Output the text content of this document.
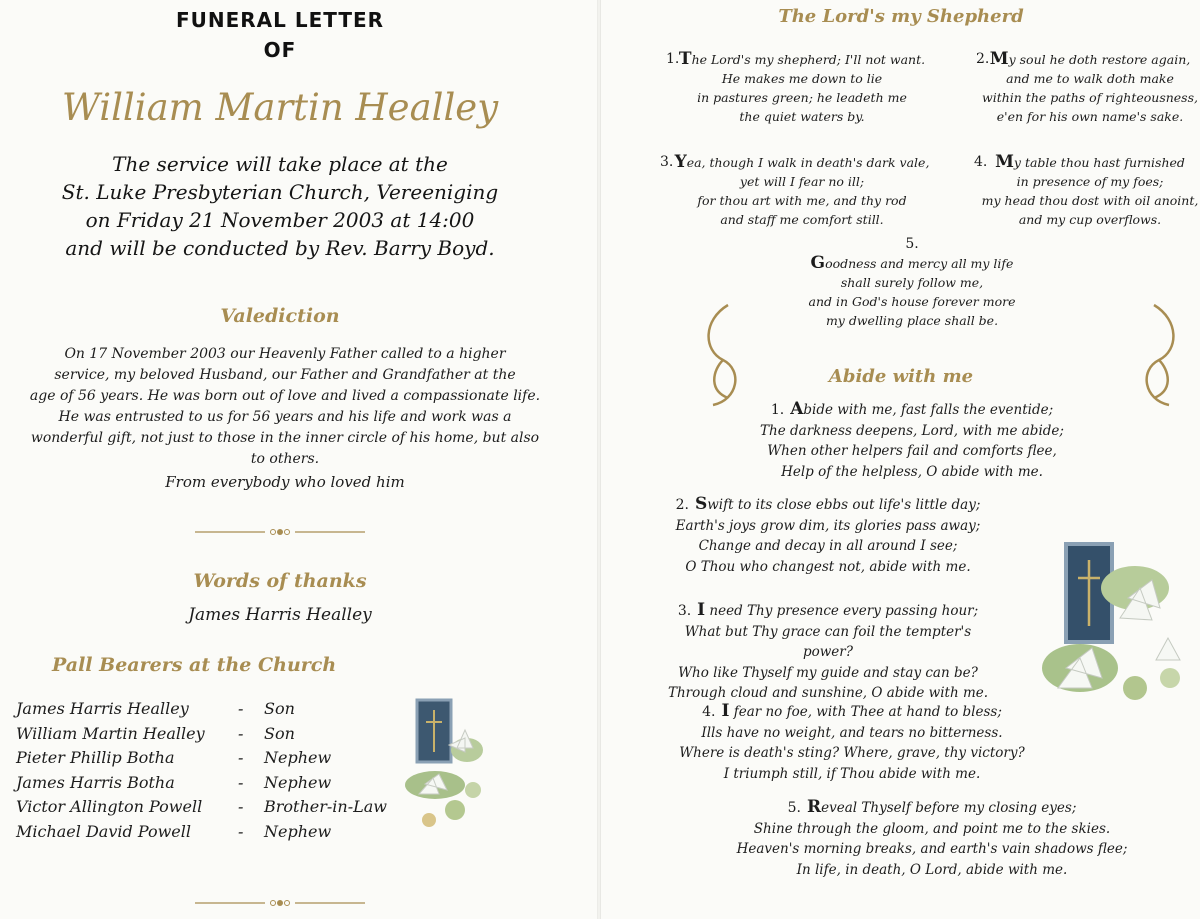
FUNERAL LETTER
OF
William Martin Healley
The service will take place at the
St. Luke Presbyterian Church, Vereeniging
on Friday 21 November 2003 at 14:00
and will be conducted by Rev. Barry Boyd.
Valediction
On 17 November 2003 our Heavenly Father called to a higher
service, my beloved Husband, our Father and Grandfather at the
age of 56 years. He was born out of love and lived a compassionate life.
He was entrusted to us for 56 years and his life and work was a
wonderful gift, not just to those in the inner circle of his home, but also
to others.
From everybody who loved him
Words of thanks
James Harris Healley
Pall Bearers at the Church
James Harris Healley	-	Son
William Martin Healley	-	Son
Pieter Phillip Botha	-	Nephew
James Harris Botha	-	Nephew
Victor Allington Powell	-	Brother-in-Law
Michael David Powell	-	Nephew
The Lord's my Shepherd
1. The Lord's my shepherd; I'll not want.
He makes me down to lie
in pastures green; he leadeth me
the quiet waters by.
2. My soul he doth restore again,
and me to walk doth make
within the paths of righteousness,
e'en for his own name's sake.
3. Yea, though I walk in death's dark vale,
yet will I fear no ill;
for thou art with me, and thy rod
and staff me comfort still.
4. My table thou hast furnished
in presence of my foes;
my head thou dost with oil anoint,
and my cup overflows.
5.
Goodness and mercy all my life
shall surely follow me,
and in God's house forever more
my dwelling place shall be.
Abide with me
1. Abide with me, fast falls the eventide;
The darkness deepens, Lord, with me abide;
When other helpers fail and comforts flee,
Help of the helpless, O abide with me.
2. Swift to its close ebbs out life's little day;
Earth's joys grow dim, its glories pass away;
Change and decay in all around I see;
O Thou who changest not, abide with me.
3. I need Thy presence every passing hour;
What but Thy grace can foil the tempter's power?
Who like Thyself my guide and stay can be?
Through cloud and sunshine, O abide with me.
4. I fear no foe, with Thee at hand to bless;
Ills have no weight, and tears no bitterness.
Where is death's sting? Where, grave, thy victory?
I triumph still, if Thou abide with me.
5. Reveal Thyself before my closing eyes;
Shine through the gloom, and point me to the skies.
Heaven's morning breaks, and earth's vain shadows flee;
In life, in death, O Lord, abide with me.
